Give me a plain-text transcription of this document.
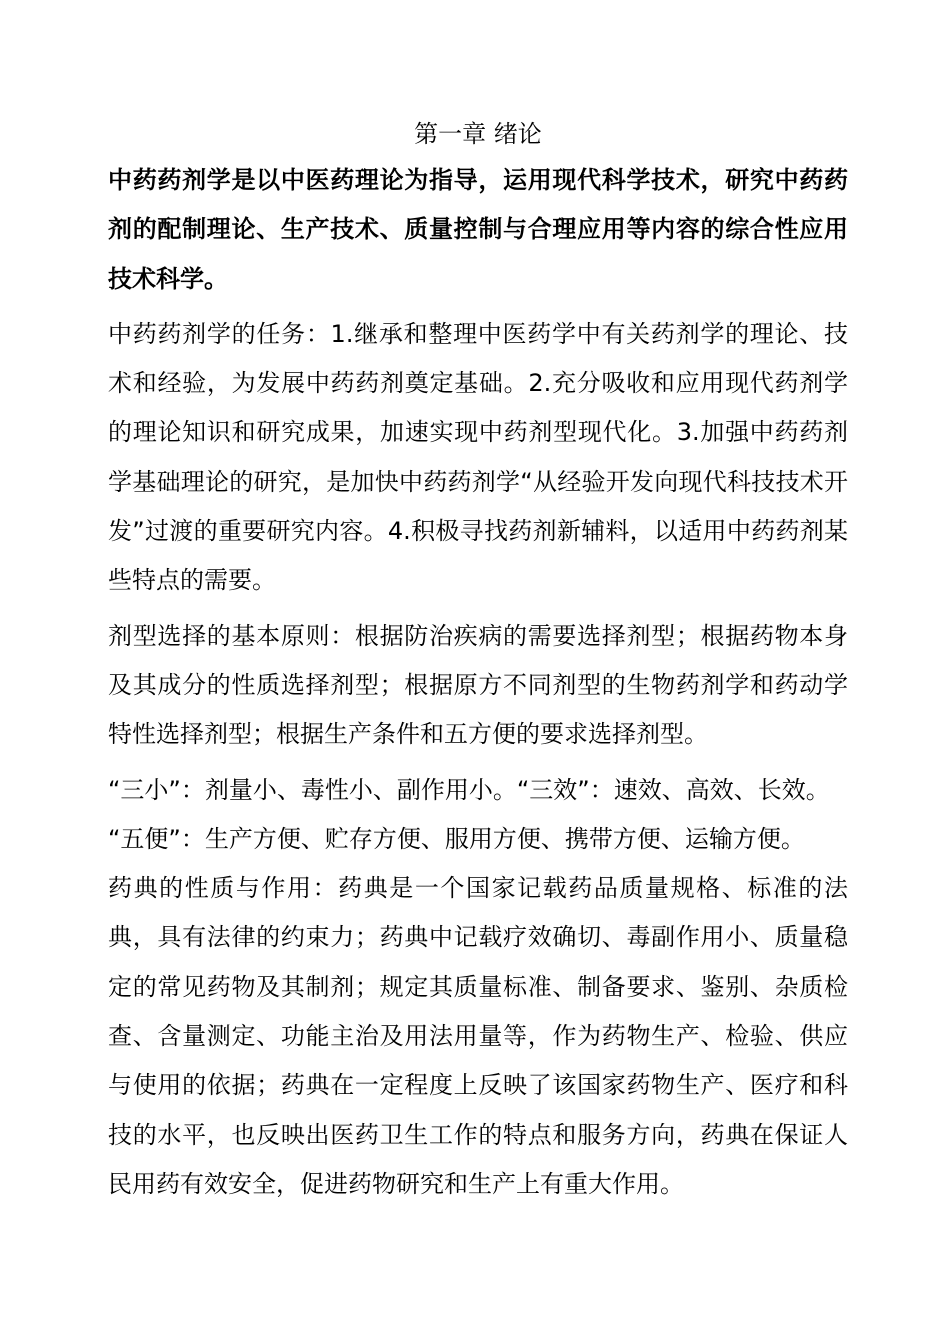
第一章 绪论

中药药剂学是以中医药理论为指导，运用现代科学技术，研究中药药剂的配制理论、生产技术、质量控制与合理应用等内容的综合性应用技术科学。

中药药剂学的任务：1.继承和整理中医药学中有关药剂学的理论、技术和经验，为发展中药药剂奠定基础。2.充分吸收和应用现代药剂学的理论知识和研究成果，加速实现中药剂型现代化。3.加强中药药剂学基础理论的研究，是加快中药药剂学“从经验开发向现代科技技术开发”过渡的重要研究内容。4.积极寻找药剂新辅料，以适用中药药剂某些特点的需要。

剂型选择的基本原则：根据防治疾病的需要选择剂型；根据药物本身及其成分的性质选择剂型；根据原方不同剂型的生物药剂学和药动学特性选择剂型；根据生产条件和五方便的要求选择剂型。

“三小”：剂量小、毒性小、副作用小。“三效”：速效、高效、长效。

“五便”：生产方便、贮存方便、服用方便、携带方便、运输方便。

药典的性质与作用：药典是一个国家记载药品质量规格、标准的法典，具有法律的约束力；药典中记载疗效确切、毒副作用小、质量稳定的常见药物及其制剂；规定其质量标准、制备要求、鉴别、杂质检查、含量测定、功能主治及用法用量等，作为药物生产、检验、供应与使用的依据；药典在一定程度上反映了该国家药物生产、医疗和科技的水平，也反映出医药卫生工作的特点和服务方向，药典在保证人民用药有效安全，促进药物研究和生产上有重大作用。
